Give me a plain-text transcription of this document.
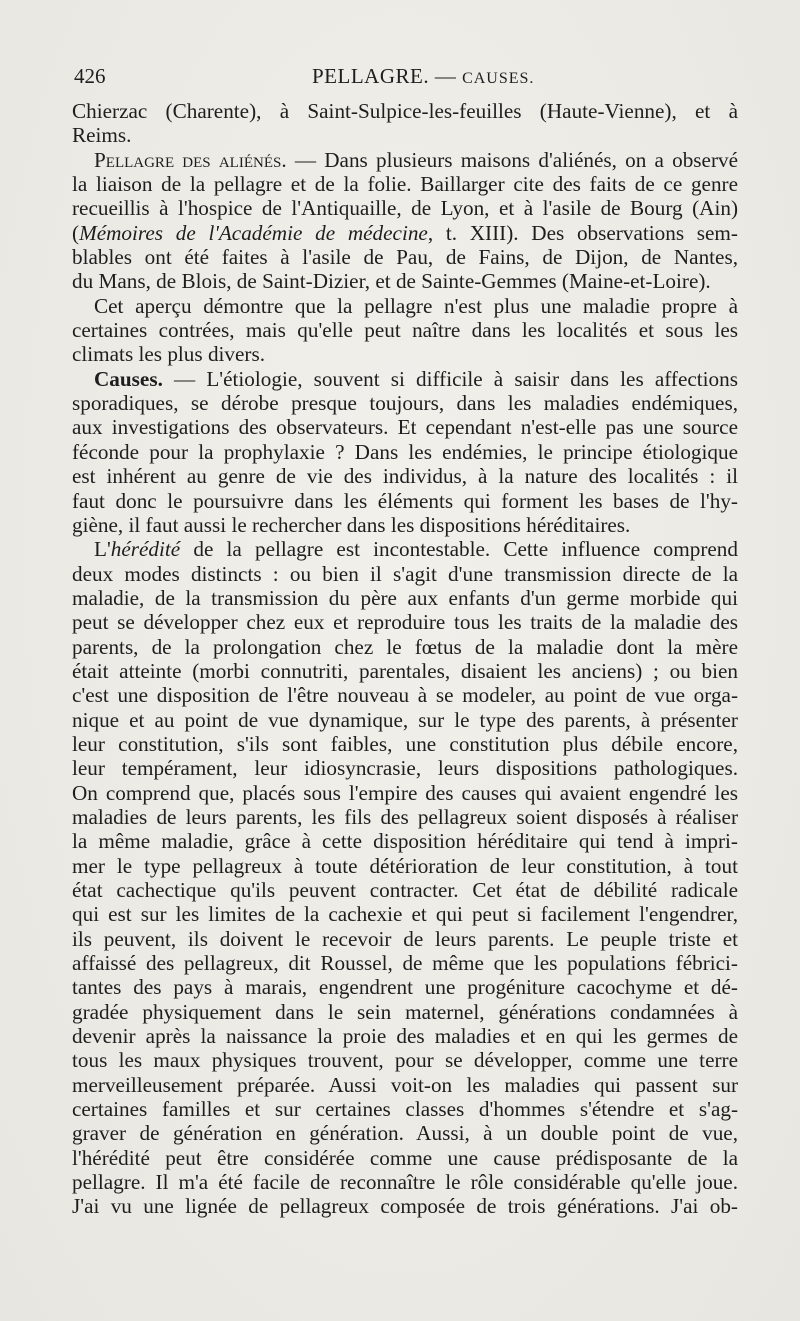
426	PELLAGRE. — CAUSES.
Chierzac (Charente), à Saint-Sulpice-les-feuilles (Haute-Vienne), et à
Reims.
Pellagre des aliénés. — Dans plusieurs maisons d'aliénés, on a observé
la liaison de la pellagre et de la folie. Baillarger cite des faits de ce genre
recueillis à l'hospice de l'Antiquaille, de Lyon, et à l'asile de Bourg (Ain)
(Mémoires de l'Académie de médecine, t. XIII). Des observations sem-
blables ont été faites à l'asile de Pau, de Fains, de Dijon, de Nantes,
du Mans, de Blois, de Saint-Dizier, et de Sainte-Gemmes (Maine-et-Loire).
Cet aperçu démontre que la pellagre n'est plus une maladie propre à
certaines contrées, mais qu'elle peut naître dans les localités et sous les
climats les plus divers.
Causes. — L'étiologie, souvent si difficile à saisir dans les affections
sporadiques, se dérobe presque toujours, dans les maladies endémiques,
aux investigations des observateurs. Et cependant n'est-elle pas une source
féconde pour la prophylaxie ? Dans les endémies, le principe étiologique
est inhérent au genre de vie des individus, à la nature des localités : il
faut donc le poursuivre dans les éléments qui forment les bases de l'hy-
giène, il faut aussi le rechercher dans les dispositions héréditaires.
L'hérédité de la pellagre est incontestable. Cette influence comprend
deux modes distincts : ou bien il s'agit d'une transmission directe de la
maladie, de la transmission du père aux enfants d'un germe morbide qui
peut se développer chez eux et reproduire tous les traits de la maladie des
parents, de la prolongation chez le fœtus de la maladie dont la mère
était atteinte (morbi connutriti, parentales, disaient les anciens) ; ou bien
c'est une disposition de l'être nouveau à se modeler, au point de vue orga-
nique et au point de vue dynamique, sur le type des parents, à présenter
leur constitution, s'ils sont faibles, une constitution plus débile encore,
leur tempérament, leur idiosyncrasie, leurs dispositions pathologiques.
On comprend que, placés sous l'empire des causes qui avaient engendré les
maladies de leurs parents, les fils des pellagreux soient disposés à réaliser
la même maladie, grâce à cette disposition héréditaire qui tend à impri-
mer le type pellagreux à toute détérioration de leur constitution, à tout
état cachectique qu'ils peuvent contracter. Cet état de débilité radicale
qui est sur les limites de la cachexie et qui peut si facilement l'engendrer,
ils peuvent, ils doivent le recevoir de leurs parents. Le peuple triste et
affaissé des pellagreux, dit Roussel, de même que les populations fébrici-
tantes des pays à marais, engendrent une progéniture cacochyme et dé-
gradée physiquement dans le sein maternel, générations condamnées à
devenir après la naissance la proie des maladies et en qui les germes de
tous les maux physiques trouvent, pour se développer, comme une terre
merveilleusement préparée. Aussi voit-on les maladies qui passent sur
certaines familles et sur certaines classes d'hommes s'étendre et s'ag-
graver de génération en génération. Aussi, à un double point de vue,
l'hérédité peut être considérée comme une cause prédisposante de la
pellagre. Il m'a été facile de reconnaître le rôle considérable qu'elle joue.
J'ai vu une lignée de pellagreux composée de trois générations. J'ai ob-
